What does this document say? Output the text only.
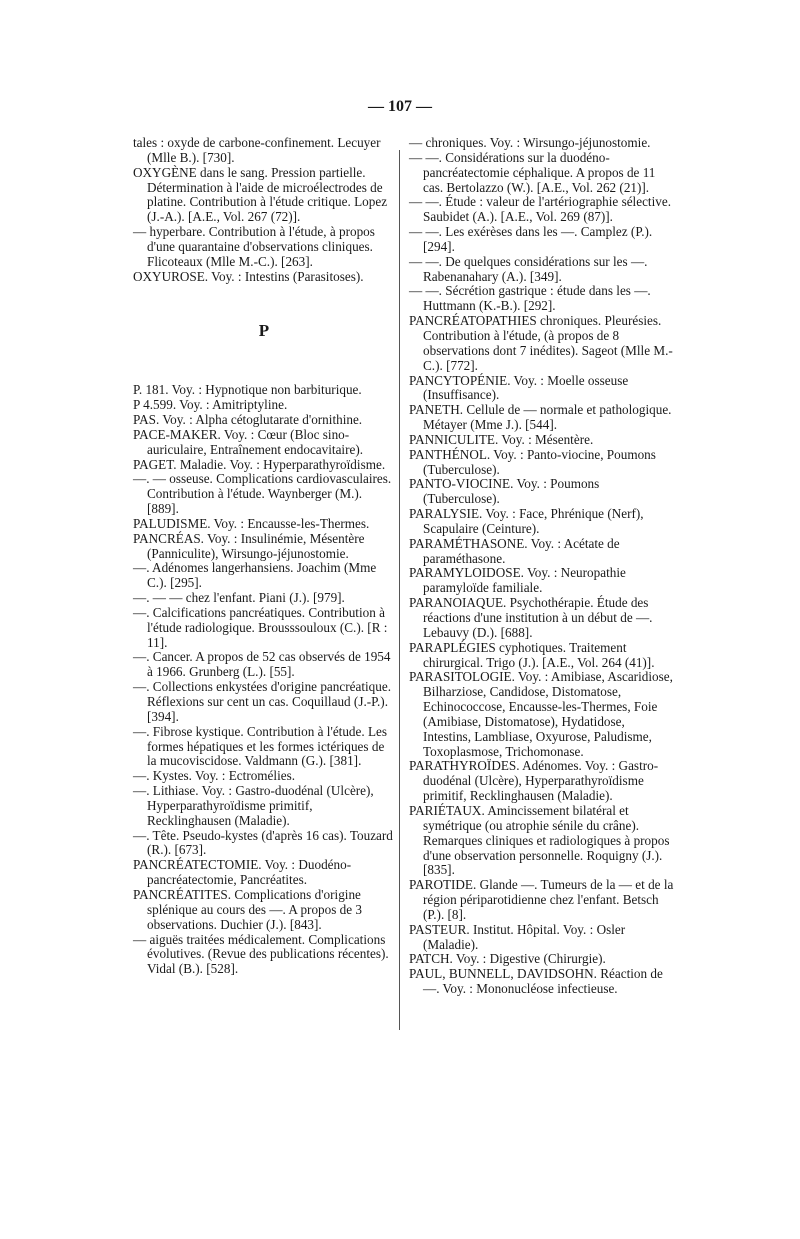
— 107 —

tales : oxyde de carbone-confinement. Lecuyer (Mlle B.). [730].

OXYGÈNE dans le sang. Pression partielle. Détermination à l'aide de microélectrodes de platine. Contribution à l'étude critique. Lopez (J.-A.). [A.E., Vol. 267 (72)].

— hyperbare. Contribution à l'étude, à propos d'une quarantaine d'observations cliniques. Flicoteaux (Mlle M.-C.). [263].

OXYUROSE. Voy. : Intestins (Parasitoses).

P

P. 181. Voy. : Hypnotique non barbiturique.

P 4.599. Voy. : Amitriptyline.

PAS. Voy. : Alpha cétoglutarate d'ornithine.

PACE-MAKER. Voy. : Cœur (Bloc sino-auriculaire, Entraînement endocavitaire).

PAGET. Maladie. Voy. : Hyperparathyroïdisme.

—. — osseuse. Complications cardiovasculaires. Contribution à l'étude. Waynberger (M.). [889].

PALUDISME. Voy. : Encausse-les-Thermes.

PANCRÉAS. Voy. : Insulinémie, Mésentère (Panniculite), Wirsungo-jéjunostomie.

—. Adénomes langerhansiens. Joachim (Mme C.). [295].

—. — — chez l'enfant. Piani (J.). [979].

—. Calcifications pancréatiques. Contribution à l'étude radiologique. Brousssouloux (C.). [R : 11].

—. Cancer. A propos de 52 cas observés de 1954 à 1966. Grunberg (L.). [55].

—. Collections enkystées d'origine pancréatique. Réflexions sur cent un cas. Coquillaud (J.-P.). [394].

—. Fibrose kystique. Contribution à l'étude. Les formes hépatiques et les formes ictériques de la mucoviscidose. Valdmann (G.). [381].

—. Kystes. Voy. : Ectromélies.

—. Lithiase. Voy. : Gastro-duodénal (Ulcère), Hyperparathyroïdisme primitif, Recklinghausen (Maladie).

—. Tête. Pseudo-kystes (d'après 16 cas). Touzard (R.). [673].

PANCRÉATECTOMIE. Voy. : Duodéno-pancréatectomie, Pancréatites.

PANCRÉATITES. Complications d'origine splénique au cours des —. A propos de 3 observations. Duchier (J.). [843].

— aiguës traitées médicalement. Complications évolutives. (Revue des publications récentes). Vidal (B.). [528].

— chroniques. Voy. : Wirsungo-jéjunostomie.

— —. Considérations sur la duodéno-pancréatectomie céphalique. A propos de 11 cas. Bertolazzo (W.). [A.E., Vol. 262 (21)].

— —. Étude : valeur de l'artériographie sélective. Saubidet (A.). [A.E., Vol. 269 (87)].

— —. Les exérèses dans les —. Camplez (P.). [294].

— —. De quelques considérations sur les —. Rabenanahary (A.). [349].

— —. Sécrétion gastrique : étude dans les —. Huttmann (K.-B.). [292].

PANCRÉATOPATHIES chroniques. Pleurésies. Contribution à l'étude, (à propos de 8 observations dont 7 inédites). Sageot (Mlle M.-C.). [772].

PANCYTOPÉNIE. Voy. : Moelle osseuse (Insuffisance).

PANETH. Cellule de — normale et pathologique. Métayer (Mme J.). [544].

PANNICULITE. Voy. : Mésentère.

PANTHÉNOL. Voy. : Panto-viocine, Poumons (Tuberculose).

PANTO-VIOCINE. Voy. : Poumons (Tuberculose).

PARALYSIE. Voy. : Face, Phrénique (Nerf), Scapulaire (Ceinture).

PARAMÉTHASONE. Voy. : Acétate de paraméthasone.

PARAMYLOIDOSE. Voy. : Neuropathie paramyloïde familiale.

PARANOIAQUE. Psychothérapie. Étude des réactions d'une institution à un début de —. Lebauvy (D.). [688].

PARAPLÉGIES cyphotiques. Traitement chirurgical. Trigo (J.). [A.E., Vol. 264 (41)].

PARASITOLOGIE. Voy. : Amibiase, Ascaridiose, Bilharziose, Candidose, Distomatose, Echinococcose, Encausse-les-Thermes, Foie (Amibiase, Distomatose), Hydatidose, Intestins, Lambliase, Oxyurose, Paludisme, Toxoplasmose, Trichomonase.

PARATHYROÏDES. Adénomes. Voy. : Gastro-duodénal (Ulcère), Hyperparathyroïdisme primitif, Recklinghausen (Maladie).

PARIÉTAUX. Amincissement bilatéral et symétrique (ou atrophie sénile du crâne). Remarques cliniques et radiologiques à propos d'une observation personnelle. Roquigny (J.). [835].

PAROTIDE. Glande —. Tumeurs de la — et de la région périparotidienne chez l'enfant. Betsch (P.). [8].

PASTEUR. Institut. Hôpital. Voy. : Osler (Maladie).

PATCH. Voy. : Digestive (Chirurgie).

PAUL, BUNNELL, DAVIDSOHN. Réaction de —. Voy. : Mononucléose infectieuse.
